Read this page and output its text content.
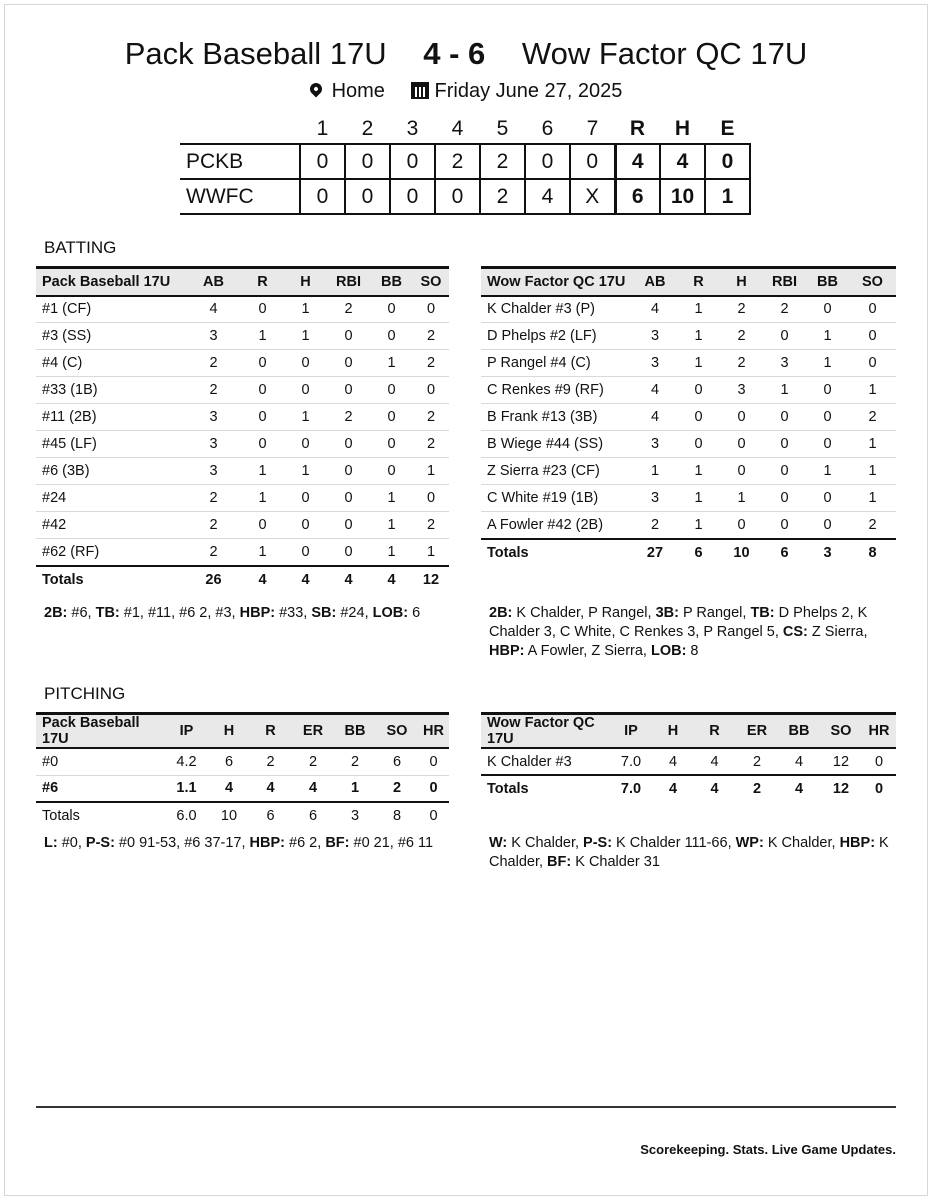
Pack Baseball 17U 4 - 6 Wow Factor QC 17U
Home Friday June 27, 2025
	1	2	3	4	5	6	7	R	H	E
PCKB	0	0	0	2	2	0	0	4	4	0
WWFC	0	0	0	0	2	4	X	6	10	1
BATTING
Pack Baseball 17U	AB	R	H	RBI	BB	SO
#1 (CF)	4	0	1	2	0	0
#3 (SS)	3	1	1	0	0	2
#4 (C)	2	0	0	0	1	2
#33 (1B)	2	0	0	0	0	0
#11 (2B)	3	0	1	2	0	2
#45 (LF)	3	0	0	0	0	2
#6 (3B)	3	1	1	0	0	1
#24	2	1	0	0	1	0
#42	2	0	0	0	1	2
#62 (RF)	2	1	0	0	1	1
Totals	26	4	4	4	4	12
Wow Factor QC 17U	AB	R	H	RBI	BB	SO
K Chalder #3 (P)	4	1	2	2	0	0
D Phelps #2 (LF)	3	1	2	0	1	0
P Rangel #4 (C)	3	1	2	3	1	0
C Renkes #9 (RF)	4	0	3	1	0	1
B Frank #13 (3B)	4	0	0	0	0	2
B Wiege #44 (SS)	3	0	0	0	0	1
Z Sierra #23 (CF)	1	1	0	0	1	1
C White #19 (1B)	3	1	1	0	0	1
A Fowler #42 (2B)	2	1	0	0	0	2
Totals	27	6	10	6	3	8
2B: #6, TB: #1, #11, #6 2, #3, HBP: #33, SB: #24, LOB: 6	2B: K Chalder, P Rangel, 3B: P Rangel, TB: D Phelps 2, K Chalder 3, C White, C Renkes 3, P Rangel 5, CS: Z Sierra, HBP: A Fowler, Z Sierra, LOB: 8
PITCHING
Pack Baseball 17U	IP	H	R	ER	BB	SO	HR
#0	4.2	6	2	2	2	6	0
#6	1.1	4	4	4	1	2	0
Totals	6.0	10	6	6	3	8	0
Wow Factor QC 17U	IP	H	R	ER	BB	SO	HR
K Chalder #3	7.0	4	4	2	4	12	0
Totals	7.0	4	4	2	4	12	0
L: #0, P-S: #0 91-53, #6 37-17, HBP: #6 2, BF: #0 21, #6 11	W: K Chalder, P-S: K Chalder 111-66, WP: K Chalder, HBP: K Chalder, BF: K Chalder 31
Scorekeeping. Stats. Live Game Updates.
